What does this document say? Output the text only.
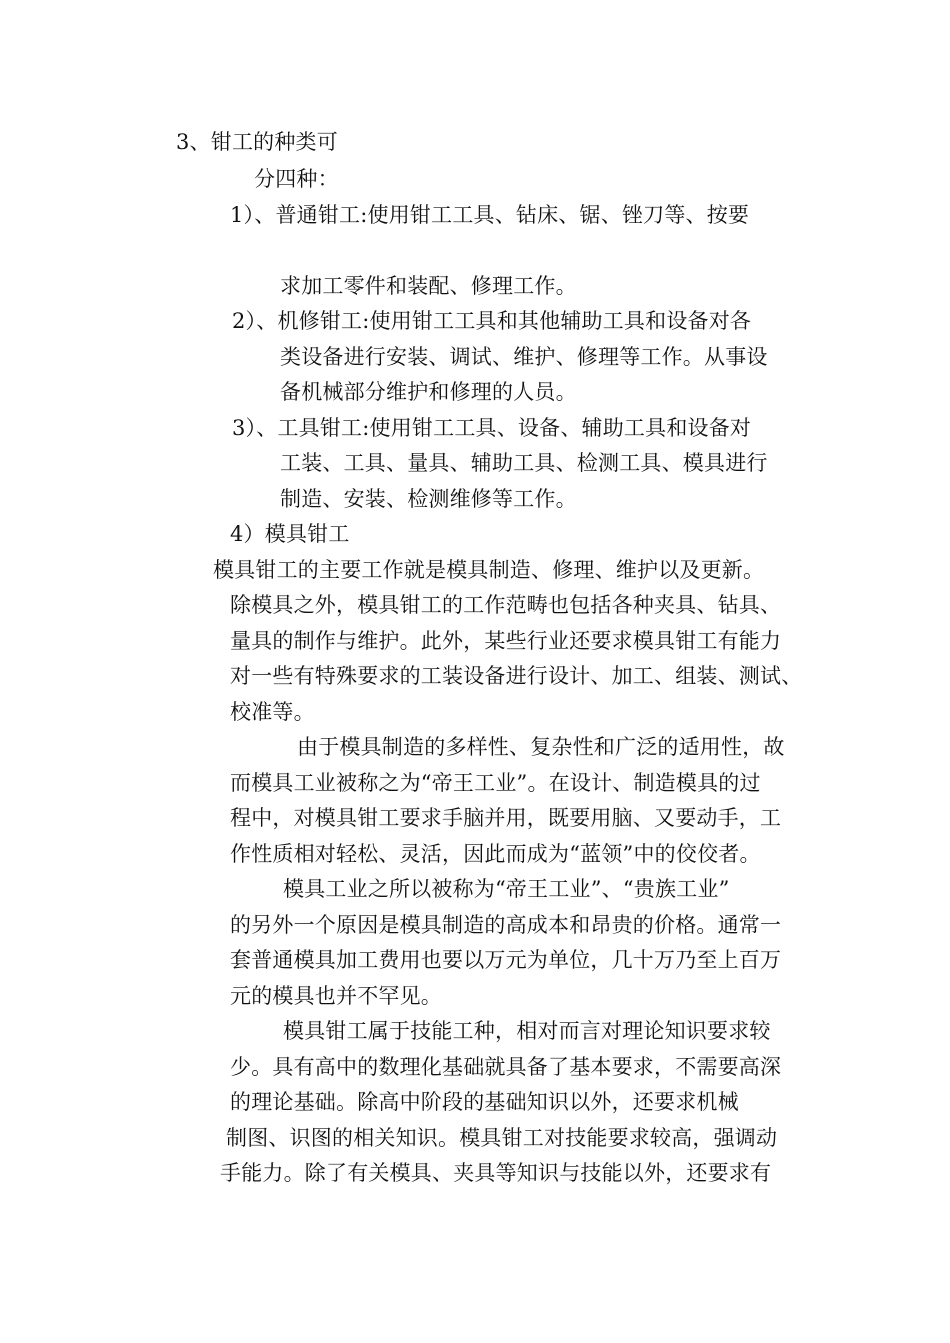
3、钳工的种类可
分四种：
1）、普通钳工:使用钳工工具、钻床、锯、锉刀等、按要
求加工零件和装配、修理工作。
2）、机修钳工:使用钳工工具和其他辅助工具和设备对各
类设备进行安装、调试、维护、修理等工作。从事设
备机械部分维护和修理的人员。
3）、工具钳工:使用钳工工具、设备、辅助工具和设备对
工装、工具、量具、辅助工具、检测工具、模具进行
制造、安装、检测维修等工作。
4）模具钳工
模具钳工的主要工作就是模具制造、修理、维护以及更新。
除模具之外，模具钳工的工作范畴也包括各种夹具、钻具、
量具的制作与维护。此外，某些行业还要求模具钳工有能力
对一些有特殊要求的工装设备进行设计、加工、组装、测试、
校准等。
由于模具制造的多样性、复杂性和广泛的适用性，故
而模具工业被称之为“帝王工业”。在设计、制造模具的过
程中，对模具钳工要求手脑并用，既要用脑、又要动手，工
作性质相对轻松、灵活，因此而成为“蓝领”中的佼佼者。
模具工业之所以被称为“帝王工业”、“贵族工业”
的另外一个原因是模具制造的高成本和昂贵的价格。通常一
套普通模具加工费用也要以万元为单位，几十万乃至上百万
元的模具也并不罕见。
模具钳工属于技能工种，相对而言对理论知识要求较
少。具有高中的数理化基础就具备了基本要求，不需要高深
的理论基础。除高中阶段的基础知识以外，还要求机械
制图、识图的相关知识。模具钳工对技能要求较高，强调动
手能力。除了有关模具、夹具等知识与技能以外，还要求有
